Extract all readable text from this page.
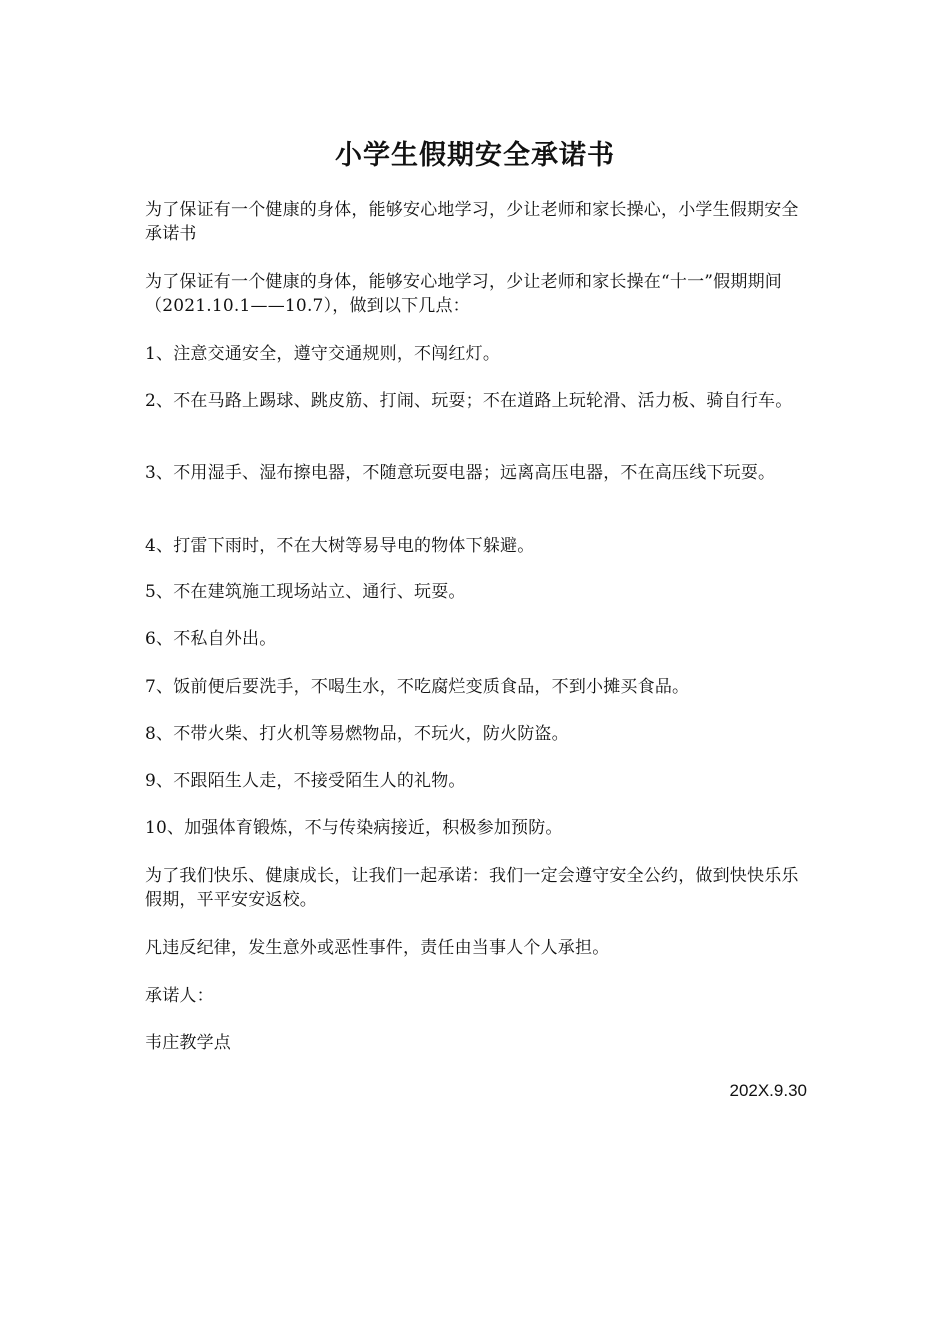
小学生假期安全承诺书
为了保证有一个健康的身体，能够安心地学习，少让老师和家长操心，小学生假期安全承诺书
为了保证有一个健康的身体，能够安心地学习，少让老师和家长操在“十一”假期期间（2021.10.1——10.7），做到以下几点：
1、注意交通安全，遵守交通规则，不闯红灯。
2、不在马路上踢球、跳皮筋、打闹、玩耍；不在道路上玩轮滑、活力板、骑自行车。
3、不用湿手、湿布擦电器，不随意玩耍电器；远离高压电器，不在高压线下玩耍。
4、打雷下雨时，不在大树等易导电的物体下躲避。
5、不在建筑施工现场站立、通行、玩耍。
6、不私自外出。
7、饭前便后要洗手，不喝生水，不吃腐烂变质食品，不到小摊买食品。
8、不带火柴、打火机等易燃物品，不玩火，防火防盗。
9、不跟陌生人走，不接受陌生人的礼物。
10、加强体育锻炼，不与传染病接近，积极参加预防。
为了我们快乐、健康成长，让我们一起承诺：我们一定会遵守安全公约，做到快快乐乐假期，平平安安返校。
凡违反纪律，发生意外或恶性事件，责任由当事人个人承担。
承诺人：
韦庄教学点
202X.9.30
